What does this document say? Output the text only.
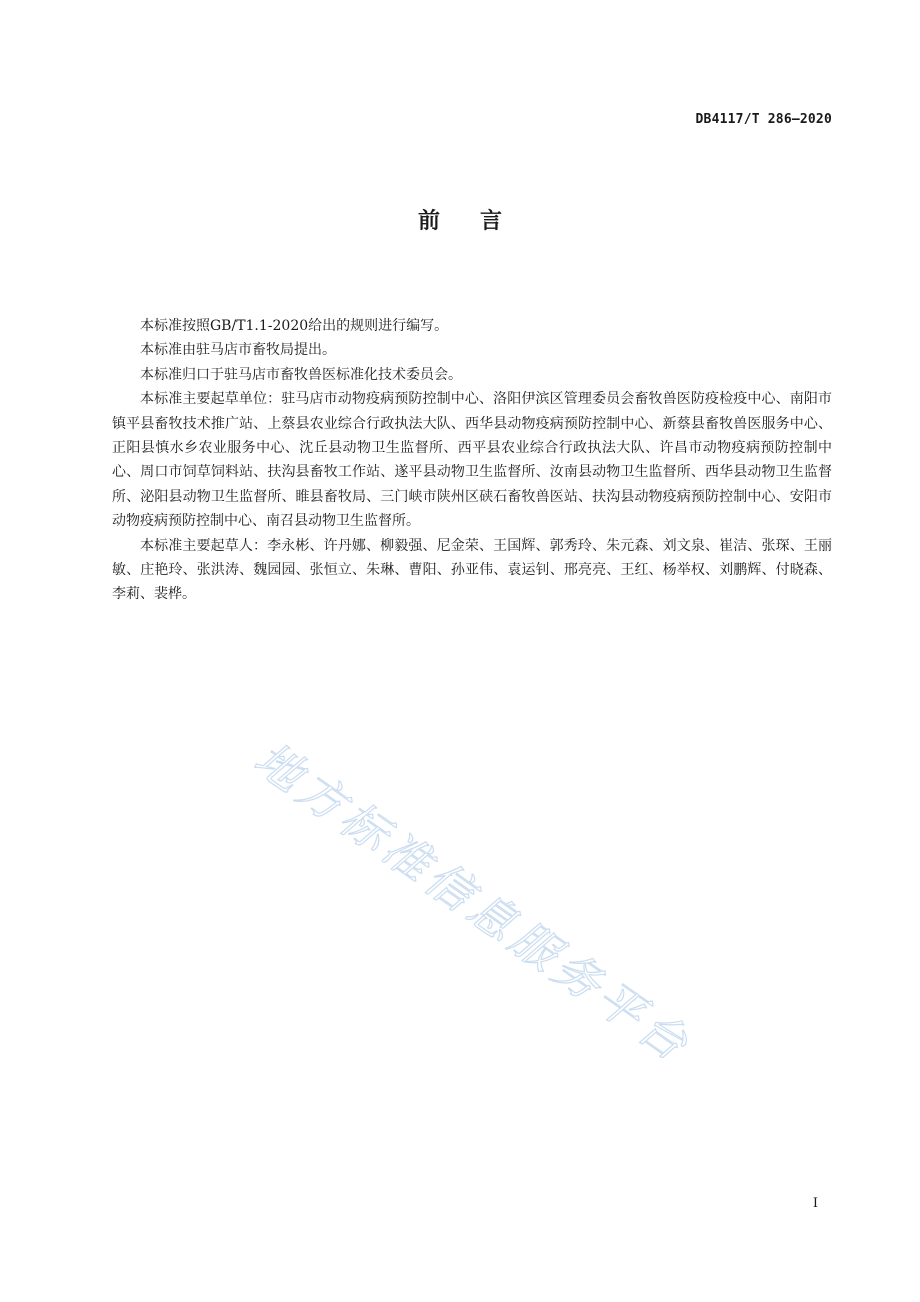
DB4117/T 286—2020
前言

本标准按照GB/T1.1-2020给出的规则进行编写。

本标准由驻马店市畜牧局提出。

本标准归口于驻马店市畜牧兽医标准化技术委员会。

本标准主要起草单位：驻马店市动物疫病预防控制中心、洛阳伊滨区管理委员会畜牧兽医防疫检疫中心、南阳市镇平县畜牧技术推广站、上蔡县农业综合行政执法大队、西华县动物疫病预防控制中心、新蔡县畜牧兽医服务中心、正阳县慎水乡农业服务中心、沈丘县动物卫生监督所、西平县农业综合行政执法大队、许昌市动物疫病预防控制中心、周口市饲草饲料站、扶沟县畜牧工作站、遂平县动物卫生监督所、汝南县动物卫生监督所、西华县动物卫生监督所、泌阳县动物卫生监督所、睢县畜牧局、三门峡市陕州区硖石畜牧兽医站、扶沟县动物疫病预防控制中心、安阳市动物疫病预防控制中心、南召县动物卫生监督所。

本标准主要起草人：李永彬、许丹娜、柳毅强、尼金荣、王国辉、郭秀玲、朱元森、刘文泉、崔洁、张琛、王丽敏、庄艳玲、张洪涛、魏园园、张恒立、朱琳、曹阳、孙亚伟、袁运钊、邢亮亮、王红、杨举权、刘鹏辉、付晓森、李莉、裴桦。

地方标准信息服务平台
I
